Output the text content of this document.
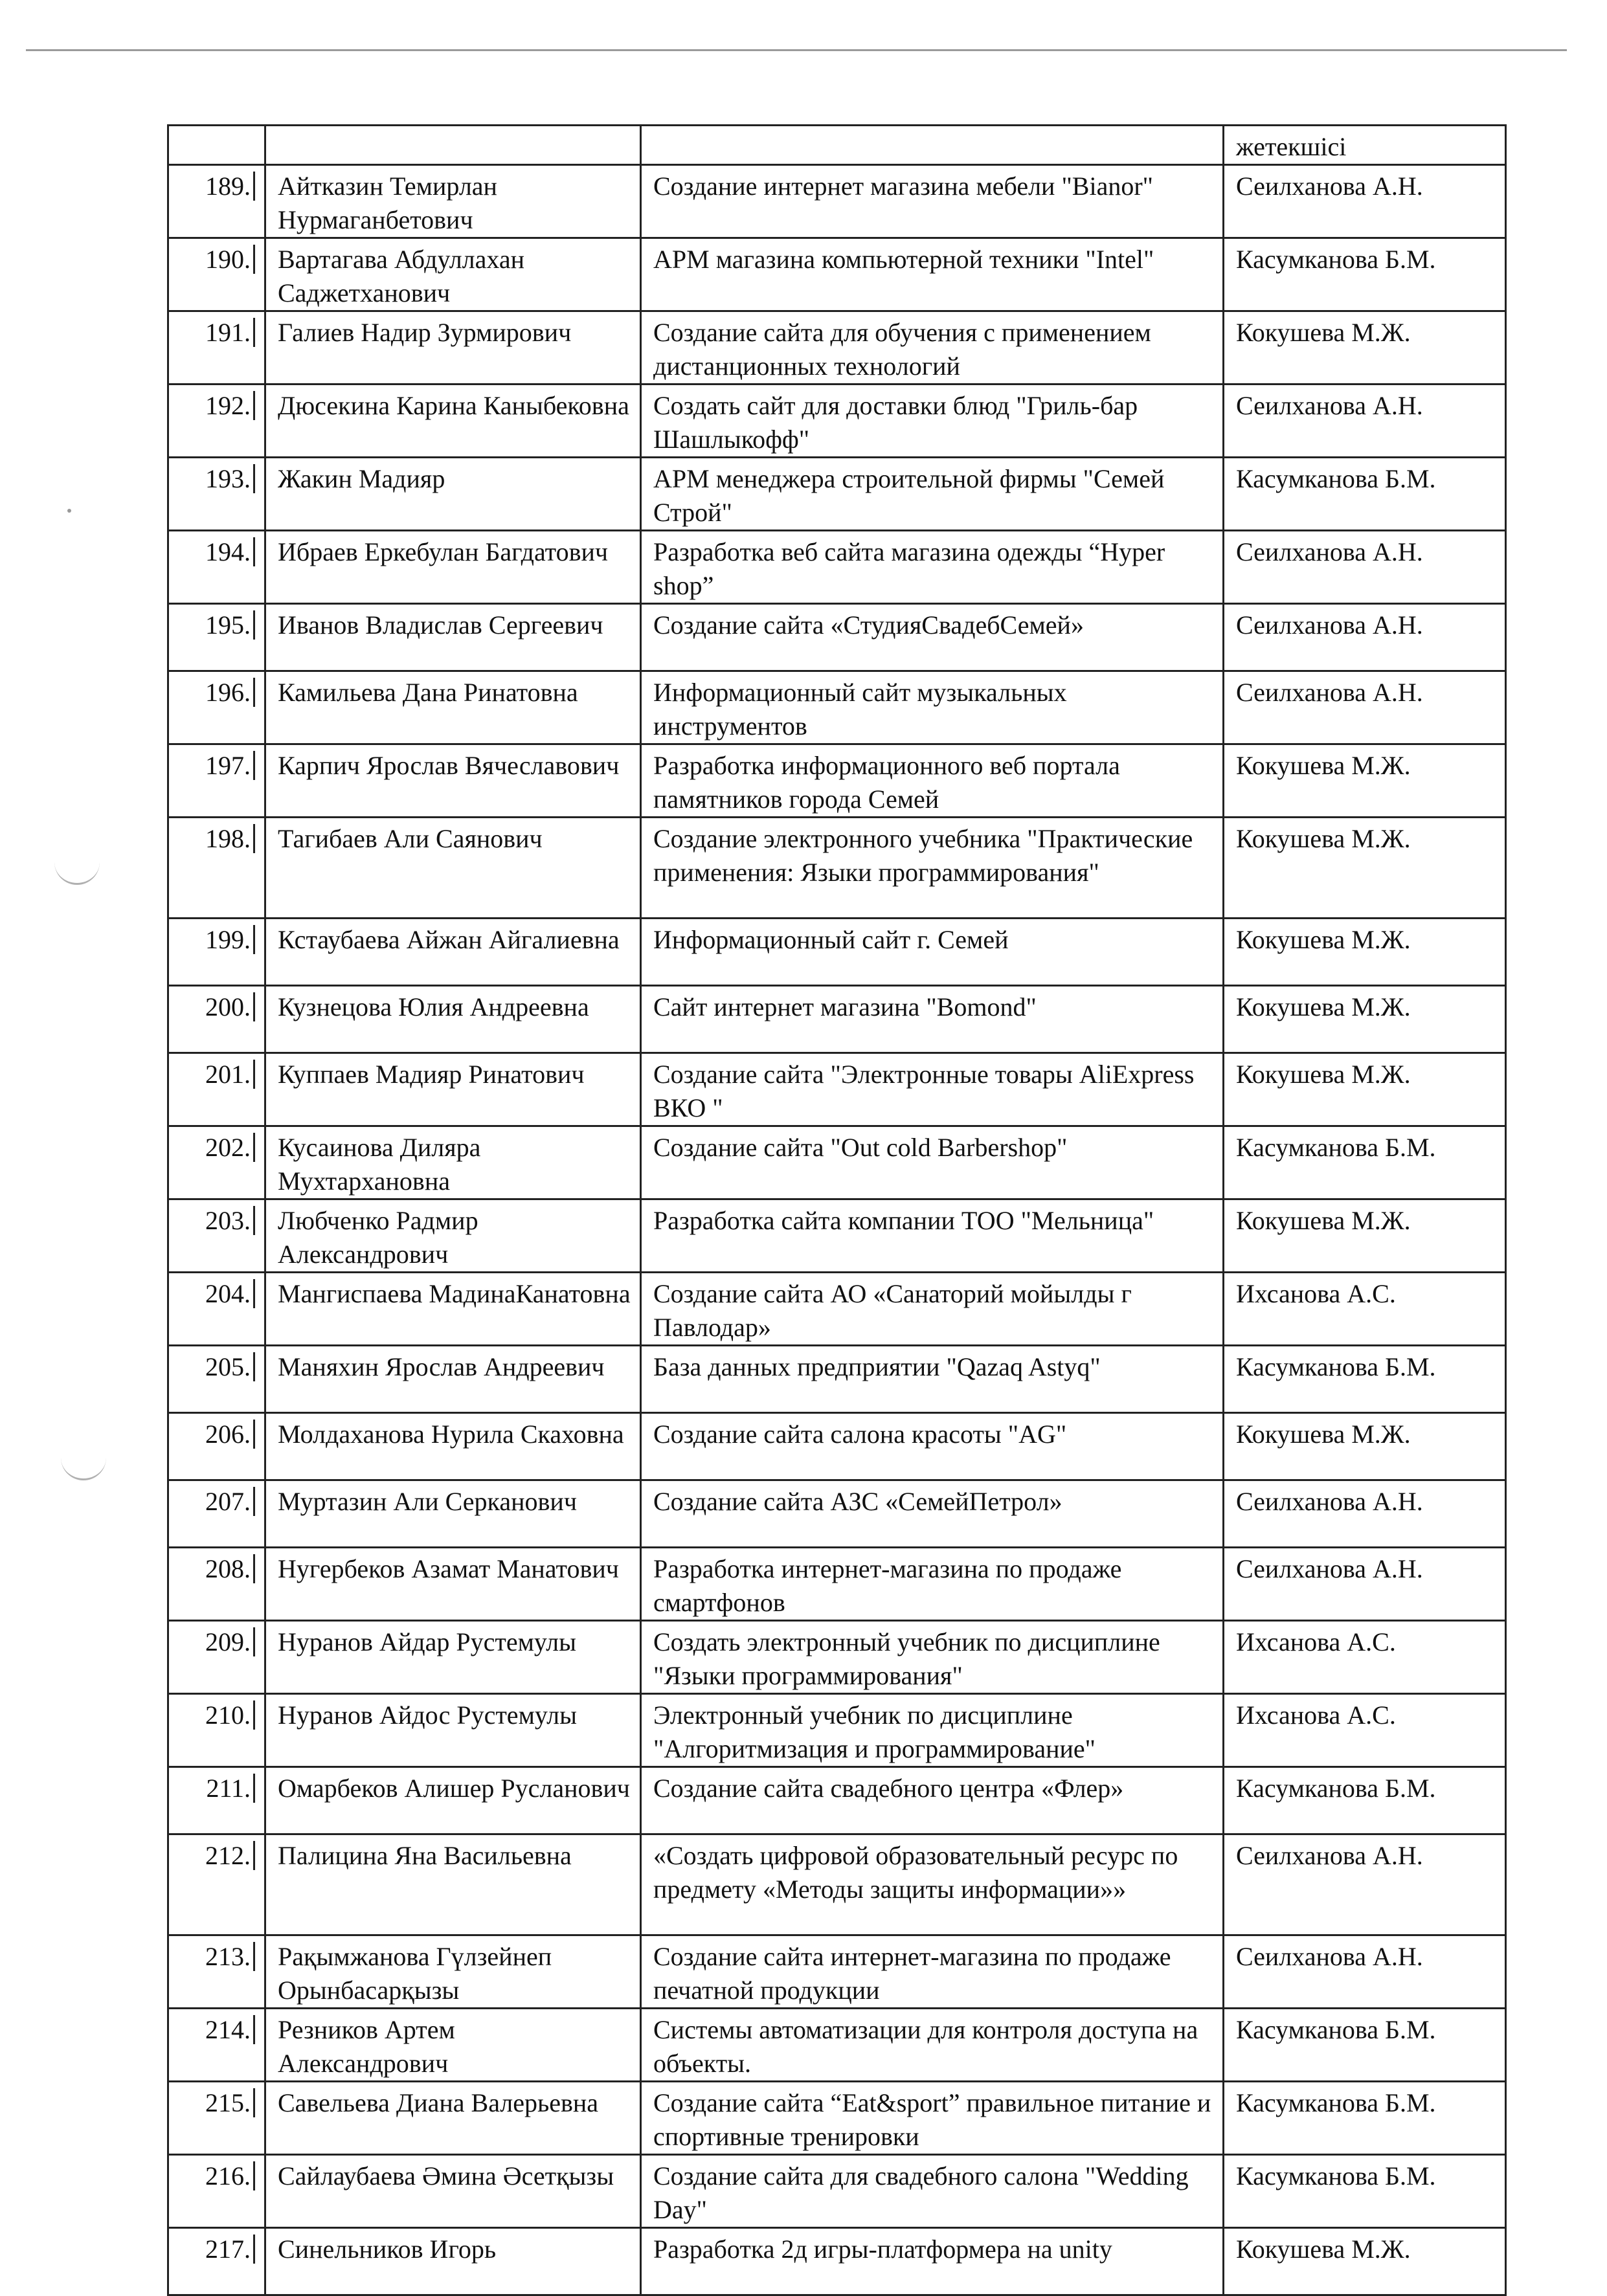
			жетекшісі
189.	Айтказин Темирлан Нурмаганбетович	Создание интернет магазина мебели "Bianor"	Сеилханова А.Н.
190.	Вартагава Абдуллахан Саджетханович	АРМ магазина компьютерной техники "Intel"	Касумканова Б.М.
191.	Галиев Надир Зурмирович	Создание сайта для обучения с применением дистанционных технологий	Кокушева М.Ж.
192.	Дюсекина Карина Каныбековна	Создать сайт для доставки блюд "Гриль-бар Шашлыкофф"	Сеилханова А.Н.
193.	Жакин Мадияр	АРМ менеджера строительной фирмы "Семей Строй"	Касумканова Б.М.
194.	Ибраев Еркебулан Багдатович	Разработка веб сайта магазина одежды “Hyper shop”	Сеилханова А.Н.
195.	Иванов Владислав Сергеевич	Создание сайта «СтудияСвадебСемей»	Сеилханова А.Н.
196.	Камильева Дана Ринатовна	Информационный сайт музыкальных инструментов	Сеилханова А.Н.
197.	Карпич Ярослав Вячеславович	Разработка информационного веб портала памятников города Семей	Кокушева М.Ж.
198.	Тагибаев Али Саянович	Создание электронного учебника "Практические применения: Языки программирования"	Кокушева М.Ж.
199.	Кстаубаева Айжан Айгалиевна	Информационный сайт г. Семей	Кокушева М.Ж.
200.	Кузнецова Юлия Андреевна	Сайт интернет магазина "Bomond"	Кокушева М.Ж.
201.	Куппаев Мадияр Ринатович	Создание сайта "Электронные товары AliExpress ВКО "	Кокушева М.Ж.
202.	Кусаинова Диляра Мухтархановна	Создание сайта "Out cold Barbershop"	Касумканова Б.М.
203.	Любченко Радмир Александрович	Разработка сайта компании ТОО "Мельница"	Кокушева М.Ж.
204.	Мангиспаева МадинаКанатовна	Создание сайта АО «Санаторий мойылды г Павлодар»	Ихсанова А.С.
205.	Маняхин Ярослав Андреевич	База данных предприятии "Qazaq Astyq"	Касумканова Б.М.
206.	Молдаханова Нурила Скаховна	Создание сайта салона красоты "AG"	Кокушева М.Ж.
207.	Муртазин Али Серканович	Создание сайта АЗС «СемейПетрол»	Сеилханова А.Н.
208.	Нугербеков Азамат Манатович	Разработка интернет-магазина по продаже смартфонов	Сеилханова А.Н.
209.	Нуранов Айдар Рустемулы	Создать электронный учебник по дисциплине "Языки программирования"	Ихсанова А.С.
210.	Нуранов Айдос Рустемулы	Электронный учебник по дисциплине "Алгоритмизация и программирование"	Ихсанова А.С.
211.	Омарбеков Алишер Русланович	Создание сайта свадебного центра «Флер»	Касумканова Б.М.
212.	Палицина Яна Васильевна	«Создать цифровой образовательный ресурс по предмету «Методы защиты информации»»	Сеилханова А.Н.
213.	Рақымжанова Гүлзейнеп Орынбасарқызы	Создание сайта интернет-магазина по продаже печатной продукции	Сеилханова А.Н.
214.	Резников Артем Александрович	Системы автоматизации для контроля доступа на объекты.	Касумканова Б.М.
215.	Савельева Диана Валерьевна	Создание сайта “Eat&sport” правильное питание и спортивные тренировки	Касумканова Б.М.
216.	Сайлаубаева Әмина Әсетқызы	Создание сайта для свадебного салона "Wedding Day"	Касумканова Б.М.
217.	Синельников Игорь	Разработка 2д игры-платформера на unity	Кокушева М.Ж.
